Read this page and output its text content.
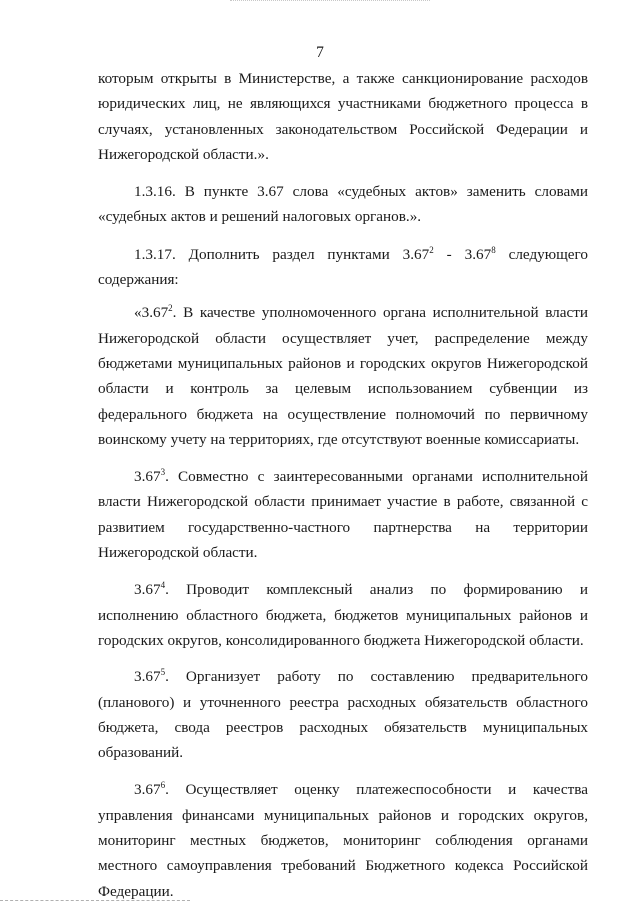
7

которым открыты в Министерстве, а также санкционирование расходов юридических лиц, не являющихся участниками бюджетного процесса в случаях, установленных законодательством Российской Федерации и Нижегородской области.».

1.3.16. В пункте 3.67 слова «судебных актов» заменить словами «судебных актов и решений налоговых органов.».

1.3.17. Дополнить раздел пунктами 3.67$^2$ - 3.67$^8$ следующего содержания:

«3.67$^2$. В качестве уполномоченного органа исполнительной власти Нижегородской области осуществляет учет, распределение между бюджетами муниципальных районов и городских округов Нижегородской области и контроль за целевым использованием субвенции из федерального бюджета на осуществление полномочий по первичному воинскому учету на территориях, где отсутствуют военные комиссариаты.

3.67$^3$. Совместно с заинтересованными органами исполнительной власти Нижегородской области принимает участие в работе, связанной с развитием государственно-частного партнерства на территории Нижегородской области.

3.67$^4$. Проводит комплексный анализ по формированию и исполнению областного бюджета, бюджетов муниципальных районов и городских округов, консолидированного бюджета Нижегородской области.

3.67$^5$. Организует работу по составлению предварительного (планового) и уточненного реестра расходных обязательств областного бюджета, свода реестров расходных обязательств муниципальных образований.

3.67$^6$. Осуществляет оценку платежеспособности и качества управления финансами муниципальных районов и городских округов, мониторинг местных бюджетов, мониторинг соблюдения органами местного самоуправления требований Бюджетного кодекса Российской Федерации.
